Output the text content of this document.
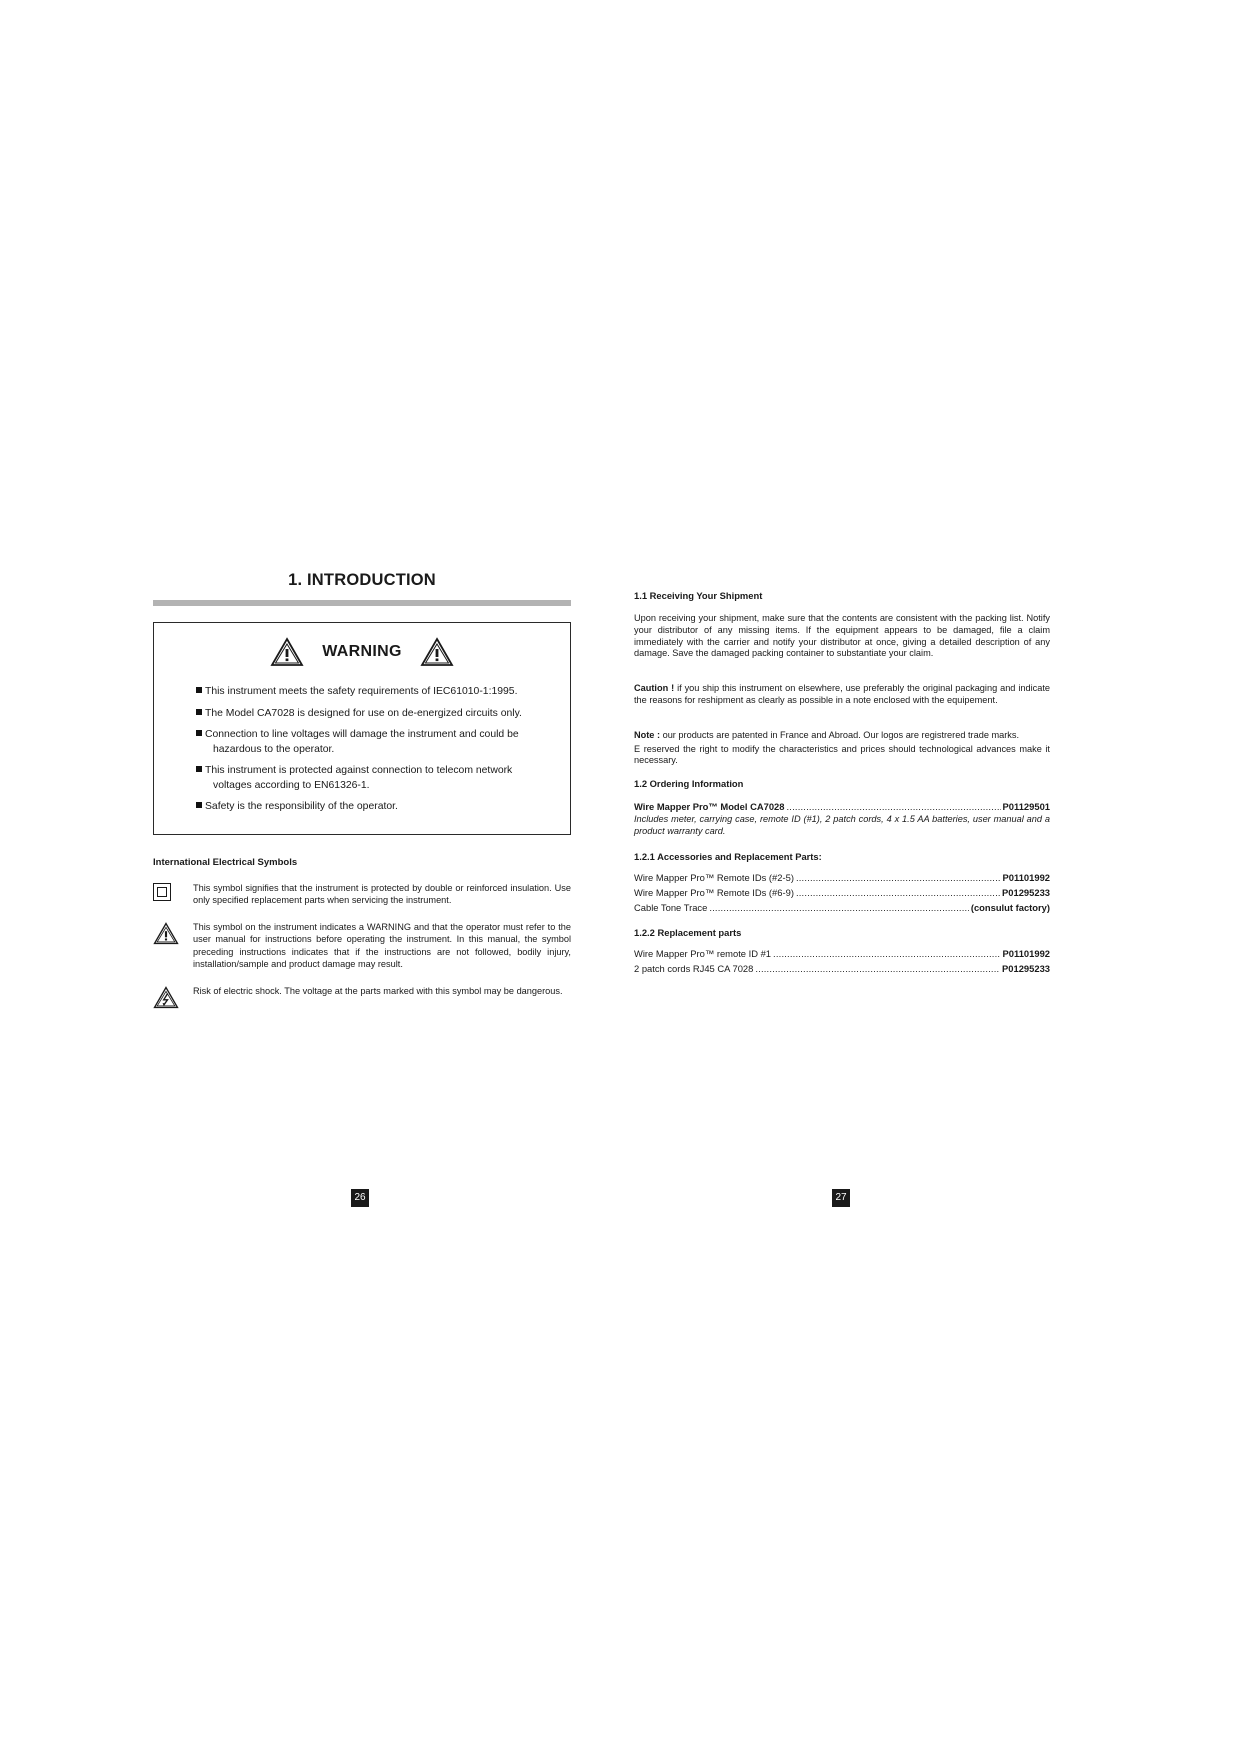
1. INTRODUCTION
WARNING
This instrument meets the safety requirements of IEC61010-1:1995.
The Model CA7028 is designed for use on de-energized circuits only.
Connection to line voltages will damage the instrument and could be
hazardous to the operator.
This instrument is protected against connection to telecom network
voltages according to EN61326-1.
Safety is the responsibility of the operator.
International Electrical Symbols
This symbol signifies that the instrument is protected by double or reinforced insulation. Use only specified replacement parts when servicing the instrument.
This symbol on the instrument indicates a WARNING and that the operator must refer to the user manual for instructions before operating the instrument. In this manual, the symbol preceding instructions indicates that if the instructions are not followed, bodily injury, installation/sample and product damage may result.
Risk of electric shock. The voltage at the parts marked with this symbol may be dangerous.
26
1.1 Receiving Your Shipment

Upon receiving your shipment, make sure that the contents are consistent with the packing list. Notify your distributor of any missing items. If the equipment appears to be damaged, file a claim immediately with the carrier and notify your distributor at once, giving a detailed description of any damage. Save the damaged packing container to substantiate your claim.

Caution ! if you ship this instrument on elsewhere, use preferably the original packaging and indicate the reasons for reshipment as clearly as possible in a note enclosed with the equipement.

Note : our products are patented in France and Abroad. Our logos are registrered trade marks.

E reserved the right to modify the characteristics and prices should technological advances make it necessary.

1.2 Ordering Information
Wire Mapper Pro™ Model CA7028 .....	P01129501

Includes meter, carrying case, remote ID (#1), 2 patch cords, 4 x 1.5 AA batteries, user manual and a product warranty card.

1.2.1 Accessories and Replacement Parts:
Wire Mapper Pro™ Remote IDs (#2-5) .....	P01101992
Wire Mapper Pro™ Remote IDs (#6-9) .....	P01295233
Cable Tone Trace .....	(consulut factory)
1.2.2 Replacement parts
Wire Mapper Pro™ remote ID #1 .....	P01101992
2 patch cords RJ45 CA 7028 .....	P01295233
27
